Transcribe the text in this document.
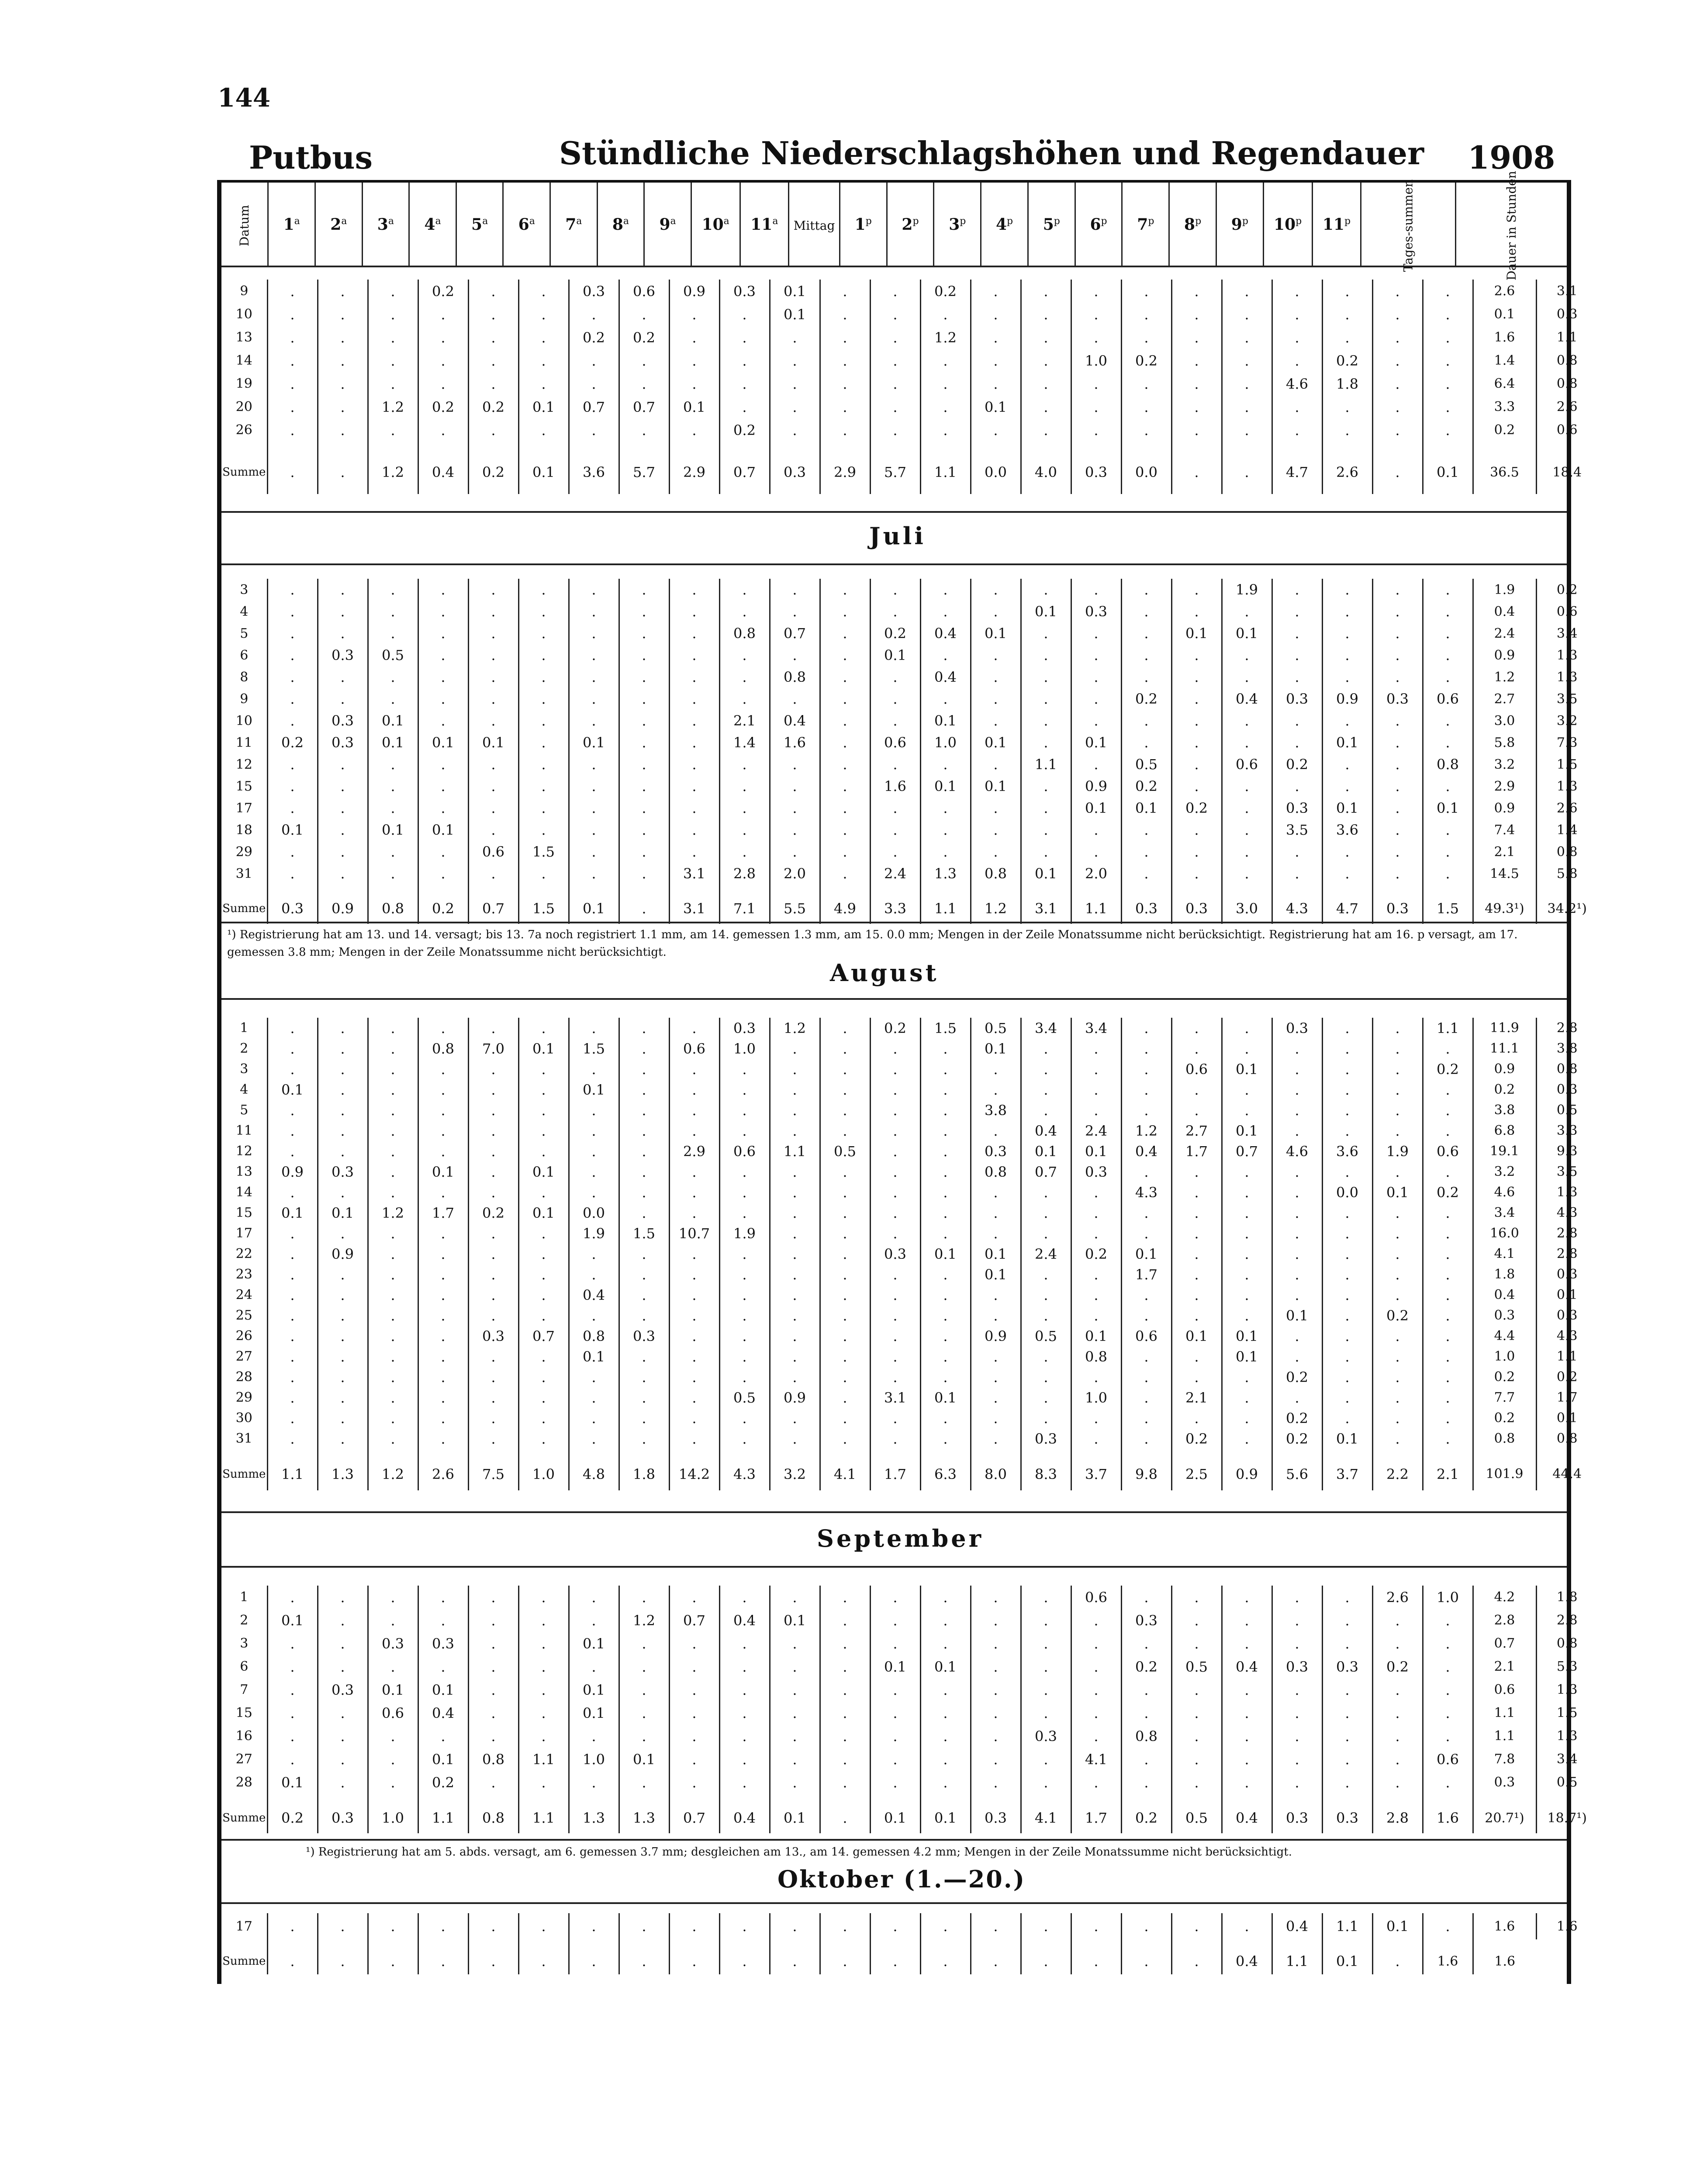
144
Putbus	Stündliche Niederschlagshöhen und Regendauer 1908
Datum	1$^a$	2$^a$	3$^a$	4$^a$	5$^a$	6$^a$	7$^a$	8$^a$	9$^a$	10$^a$	11$^a$	Mittag	1$^p$	2$^p$	3$^p$	4$^p$	5$^p$	6$^p$	7$^p$	8$^p$	9$^p$	10$^p$	11$^p$	Tages-summen	Dauer in Stunden
9	.	.	.	0.2	.	.	0.3	0.6	0.9	0.3	0.1	.	.	0.2	.	.	.	.	.	.	.	.	.	.	2.6	3.1
10	.	.	.	.	.	.	.	.	.	.	0.1	.	.	.	.	.	.	.	.	.	.	.	.	.	0.1	0.3
13	.	.	.	.	.	.	0.2	0.2	.	.	.	.	.	1.2	.	.	.	.	.	.	.	.	.	.	1.6	1.1
14	.	.	.	.	.	.	.	.	.	.	.	.	.	.	.	.	1.0	0.2	.	.	.	0.2	.	.	1.4	0.8
19	.	.	.	.	.	.	.	.	.	.	.	.	.	.	.	.	.	.	.	.	4.6	1.8	.	.	6.4	0.8
20	.	.	1.2	0.2	0.2	0.1	0.7	0.7	0.1	.	.	.	.	.	0.1	.	.	.	.	.	.	.	.	.	3.3	2.6
26	.	.	.	.	.	.	.	.	.	0.2	.	.	.	.	.	.	.	.	.	.	.	.	.	.	0.2	0.6
Summe	.	.	1.2	0.4	0.2	0.1	3.6	5.7	2.9	0.7	0.3	2.9	5.7	1.1	0.0	4.0	0.3	0.0	.	.	4.7	2.6	.	0.1	36.5	18.4
Juli
3	.	.	.	.	.	.	.	.	.	.	.	.	.	.	.	.	.	.	.	1.9	.	.	.	.	1.9	0.2
4	.	.	.	.	.	.	.	.	.	.	.	.	.	.	.	0.1	0.3	.	.	.	.	.	.	.	0.4	0.6
5	.	.	.	.	.	.	.	.	.	0.8	0.7	.	0.2	0.4	0.1	.	.	.	0.1	0.1	.	.	.	.	2.4	3.4
6	.	0.3	0.5	.	.	.	.	.	.	.	.	.	0.1	.	.	.	.	.	.	.	.	.	.	.	0.9	1.3
8	.	.	.	.	.	.	.	.	.	.	0.8	.	.	0.4	.	.	.	.	.	.	.	.	.	.	1.2	1.3
9	.	.	.	.	.	.	.	.	.	.	.	.	.	.	.	.	.	0.2	.	0.4	0.3	0.9	0.3	0.6	2.7	3.5
10	.	0.3	0.1	.	.	.	.	.	.	2.1	0.4	.	.	0.1	.	.	.	.	.	.	.	.	.	.	3.0	3.2
11	0.2	0.3	0.1	0.1	0.1	.	0.1	.	.	1.4	1.6	.	0.6	1.0	0.1	.	0.1	.	.	.	.	0.1	.	.	5.8	7.3
12	.	.	.	.	.	.	.	.	.	.	.	.	.	.	.	1.1	.	0.5	.	0.6	0.2	.	.	0.8	3.2	1.5
15	.	.	.	.	.	.	.	.	.	.	.	.	1.6	0.1	0.1	.	0.9	0.2	.	.	.	.	.	.	2.9	1.3
17	.	.	.	.	.	.	.	.	.	.	.	.	.	.	.	.	0.1	0.1	0.2	.	0.3	0.1	.	0.1	0.9	2.6
18	0.1	.	0.1	0.1	.	.	.	.	.	.	.	.	.	.	.	.	.	.	.	.	3.5	3.6	.	.	7.4	1.4
29	.	.	.	.	0.6	1.5	.	.	.	.	.	.	.	.	.	.	.	.	.	.	.	.	.	.	2.1	0.8
31	.	.	.	.	.	.	.	.	3.1	2.8	2.0	.	2.4	1.3	0.8	0.1	2.0	.	.	.	.	.	.	.	14.5	5.8
Summe	0.3	0.9	0.8	0.2	0.7	1.5	0.1	.	3.1	7.1	5.5	4.9	3.3	1.1	1.2	3.1	1.1	0.3	0.3	3.0	4.3	4.7	0.3	1.5	49.3¹)	34.2¹)
¹) Registrierung hat am 13. und 14. versagt; bis 13. 7a noch registriert 1.1 mm, am 14. gemessen 1.3 mm, am 15. 0.0 mm; Mengen in der Zeile Monatssumme nicht berücksichtigt. Registrierung hat am 16. p versagt, am 17. gemessen 3.8 mm; Mengen in der Zeile Monatssumme nicht berücksichtigt.
August
1	.	.	.	.	.	.	.	.	.	0.3	1.2	.	0.2	1.5	0.5	3.4	3.4	.	.	.	0.3	.	.	1.1	11.9	2.8
2	.	.	.	0.8	7.0	0.1	1.5	.	0.6	1.0	.	.	.	.	0.1	.	.	.	.	.	.	.	.	.	11.1	3.8
3	.	.	.	.	.	.	.	.	.	.	.	.	.	.	.	.	.	.	0.6	0.1	.	.	.	0.2	0.9	0.8
4	0.1	.	.	.	.	.	0.1	.	.	.	.	.	.	.	.	.	.	.	.	.	.	.	.	.	0.2	0.3
5	.	.	.	.	.	.	.	.	.	.	.	.	.	.	3.8	.	.	.	.	.	.	.	.	.	3.8	0.5
11	.	.	.	.	.	.	.	.	.	.	.	.	.	.	.	0.4	2.4	1.2	2.7	0.1	.	.	.	.	6.8	3.3
12	.	.	.	.	.	.	.	.	2.9	0.6	1.1	0.5	.	.	0.3	0.1	0.1	0.4	1.7	0.7	4.6	3.6	1.9	0.6	19.1	9.3
13	0.9	0.3	.	0.1	.	0.1	.	.	.	.	.	.	.	.	0.8	0.7	0.3	.	.	.	.	.	.	.	3.2	3.5
14	.	.	.	.	.	.	.	.	.	.	.	.	.	.	.	.	.	4.3	.	.	.	0.0	0.1	0.2	4.6	1.3
15	0.1	0.1	1.2	1.7	0.2	0.1	0.0	.	.	.	.	.	.	.	.	.	.	.	.	.	.	.	.	.	3.4	4.3
17	.	.	.	.	.	.	1.9	1.5	10.7	1.9	.	.	.	.	.	.	.	.	.	.	.	.	.	.	16.0	2.8
22	.	0.9	.	.	.	.	.	.	.	.	.	.	0.3	0.1	0.1	2.4	0.2	0.1	.	.	.	.	.	.	4.1	2.8
23	.	.	.	.	.	.	.	.	.	.	.	.	.	.	0.1	.	.	1.7	.	.	.	.	.	.	1.8	0.3
24	.	.	.	.	.	.	0.4	.	.	.	.	.	.	.	.	.	.	.	.	.	.	.	.	.	0.4	0.1
25	.	.	.	.	.	.	.	.	.	.	.	.	.	.	.	.	.	.	.	.	0.1	.	0.2	.	0.3	0.3
26	.	.	.	.	0.3	0.7	0.8	0.3	.	.	.	.	.	.	0.9	0.5	0.1	0.6	0.1	0.1	.	.	.	.	4.4	4.3
27	.	.	.	.	.	.	0.1	.	.	.	.	.	.	.	.	.	0.8	.	.	0.1	.	.	.	.	1.0	1.1
28	.	.	.	.	.	.	.	.	.	.	.	.	.	.	.	.	.	.	.	.	0.2	.	.	.	0.2	0.2
29	.	.	.	.	.	.	.	.	.	0.5	0.9	.	3.1	0.1	.	.	1.0	.	2.1	.	.	.	.	.	7.7	1.7
30	.	.	.	.	.	.	.	.	.	.	.	.	.	.	.	.	.	.	.	.	0.2	.	.	.	0.2	0.1
31	.	.	.	.	.	.	.	.	.	.	.	.	.	.	.	0.3	.	.	0.2	.	0.2	0.1	.	.	0.8	0.8
Summe	1.1	1.3	1.2	2.6	7.5	1.0	4.8	1.8	14.2	4.3	3.2	4.1	1.7	6.3	8.0	8.3	3.7	9.8	2.5	0.9	5.6	3.7	2.2	2.1	101.9	44.4
September
1	.	.	.	.	.	.	.	.	.	.	.	.	.	.	.	.	0.6	.	.	.	.	.	2.6	1.0	4.2	1.8
2	0.1	.	.	.	.	.	.	1.2	0.7	0.4	0.1	.	.	.	.	.	.	0.3	.	.	.	.	.	.	2.8	2.8
3	.	.	0.3	0.3	.	.	0.1	.	.	.	.	.	.	.	.	.	.	.	.	.	.	.	.	.	0.7	0.8
6	.	.	.	.	.	.	.	.	.	.	.	.	0.1	0.1	.	.	.	0.2	0.5	0.4	0.3	0.3	0.2	.	2.1	5.3
7	.	0.3	0.1	0.1	.	.	0.1	.	.	.	.	.	.	.	.	.	.	.	.	.	.	.	.	.	0.6	1.3
15	.	.	0.6	0.4	.	.	0.1	.	.	.	.	.	.	.	.	.	.	.	.	.	.	.	.	.	1.1	1.5
16	.	.	.	.	.	.	.	.	.	.	.	.	.	.	.	0.3	.	0.8	.	.	.	.	.	.	1.1	1.3
27	.	.	.	0.1	0.8	1.1	1.0	0.1	.	.	.	.	.	.	.	.	4.1	.	.	.	.	.	.	0.6	7.8	3.4
28	0.1	.	.	0.2	.	.	.	.	.	.	.	.	.	.	.	.	.	.	.	.	.	.	.	.	0.3	0.5
Summe	0.2	0.3	1.0	1.1	0.8	1.1	1.3	1.3	0.7	0.4	0.1	.	0.1	0.1	0.3	4.1	1.7	0.2	0.5	0.4	0.3	0.3	2.8	1.6	20.7¹)	18.7¹)
¹) Registrierung hat am 5. abds. versagt, am 6. gemessen 3.7 mm; desgleichen am 13., am 14. gemessen 4.2 mm; Mengen in der Zeile Monatssumme nicht berücksichtigt.
Oktober (1.—20.)
17	.	.	.	.	.	.	.	.	.	.	.	.	.	.	.	.	.	.	.	.	0.4	1.1	0.1	.	1.6	1.6
Summe	.	.	.	.	.	.	.	.	.	.	.	.	.	.	.	.	.	.	.	0.4	1.1	0.1	.	1.6	1.6	
